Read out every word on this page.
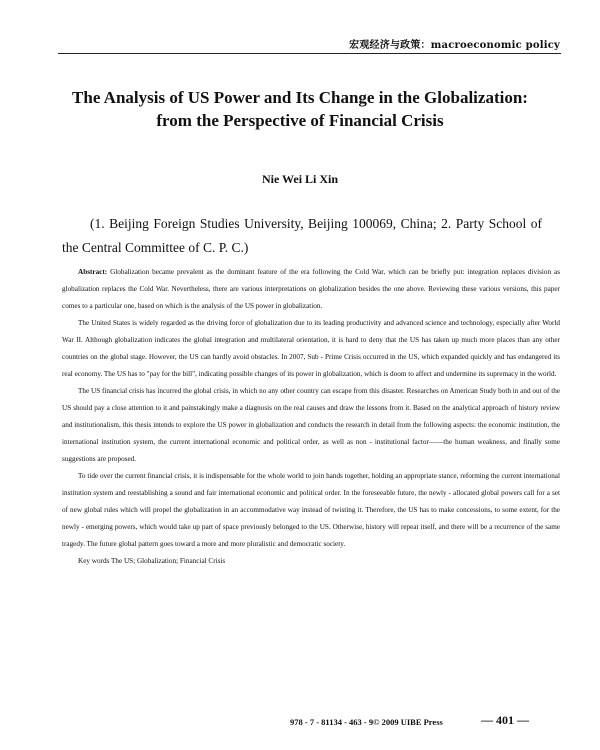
宏观经济与政策：macroeconomic policy
The Analysis of US Power and Its Change in the Globalization:
from the Perspective of Financial Crisis
Nie Wei Li Xin
(1. Beijing Foreign Studies University, Beijing 100069, China; 2. Party School of the Central Committee of C. P. C.)

Abstract: Globalization became prevalent as the dominant feature of the era following the Cold War, which can be briefly put: integration replaces division as globalization replaces the Cold War. Nevertheless, there are various interpretations on globalization besides the one above. Reviewing these various versions, this paper comes to a particular one, based on which is the analysis of the US power in globalization.

The United States is widely regarded as the driving force of globalization due to its leading productivity and advanced science and technology, especially after World War II. Although globalization indicates the global integration and multilateral orientation, it is hard to deny that the US has taken up much more places than any other countries on the global stage. However, the US can hardly avoid obstacles. In 2007, Sub - Prime Crisis occurred in the US, which expanded quickly and has endangered its real economy. The US has to "pay for the bill", indicating possible changes of its power in globalization, which is doom to affect and undermine its supremacy in the world.

The US financial crisis has incurred the global crisis, in which no any other country can escape from this disaster. Researches on American Study both in and out of the US should pay a close attention to it and painstakingly make a diagnosis on the real causes and draw the lessons from it. Based on the analytical approach of history review and institutionalism, this thesis intends to explore the US power in globalization and conducts the research in detail from the following aspects: the economic institution, the international institution system, the current international economic and political order, as well as non - institutional factor——the human weakness, and finally some suggestions are proposed.

To tide over the current financial crisis, it is indispensable for the whole world to join hands together, holding an appropriate stance, reforming the current international institution system and reestablishing a sound and fair international economic and political order. In the foreseeable future, the newly - allocated global powers call for a set of new global rules which will propel the globalization in an accommodative way instead of twisting it. Therefore, the US has to make concessions, to some extent, for the newly - emerging powers, which would take up part of space previously belonged to the US. Otherwise, history will repeat itself, and there will be a recurrence of the same tragedy. The future global pattern goes toward a more and more pluralistic and democratic society.

Key words The US; Globalization; Financial Crisis

978 - 7 - 81134 - 463 - 9© 2009 UIBE Press	— 401 —
